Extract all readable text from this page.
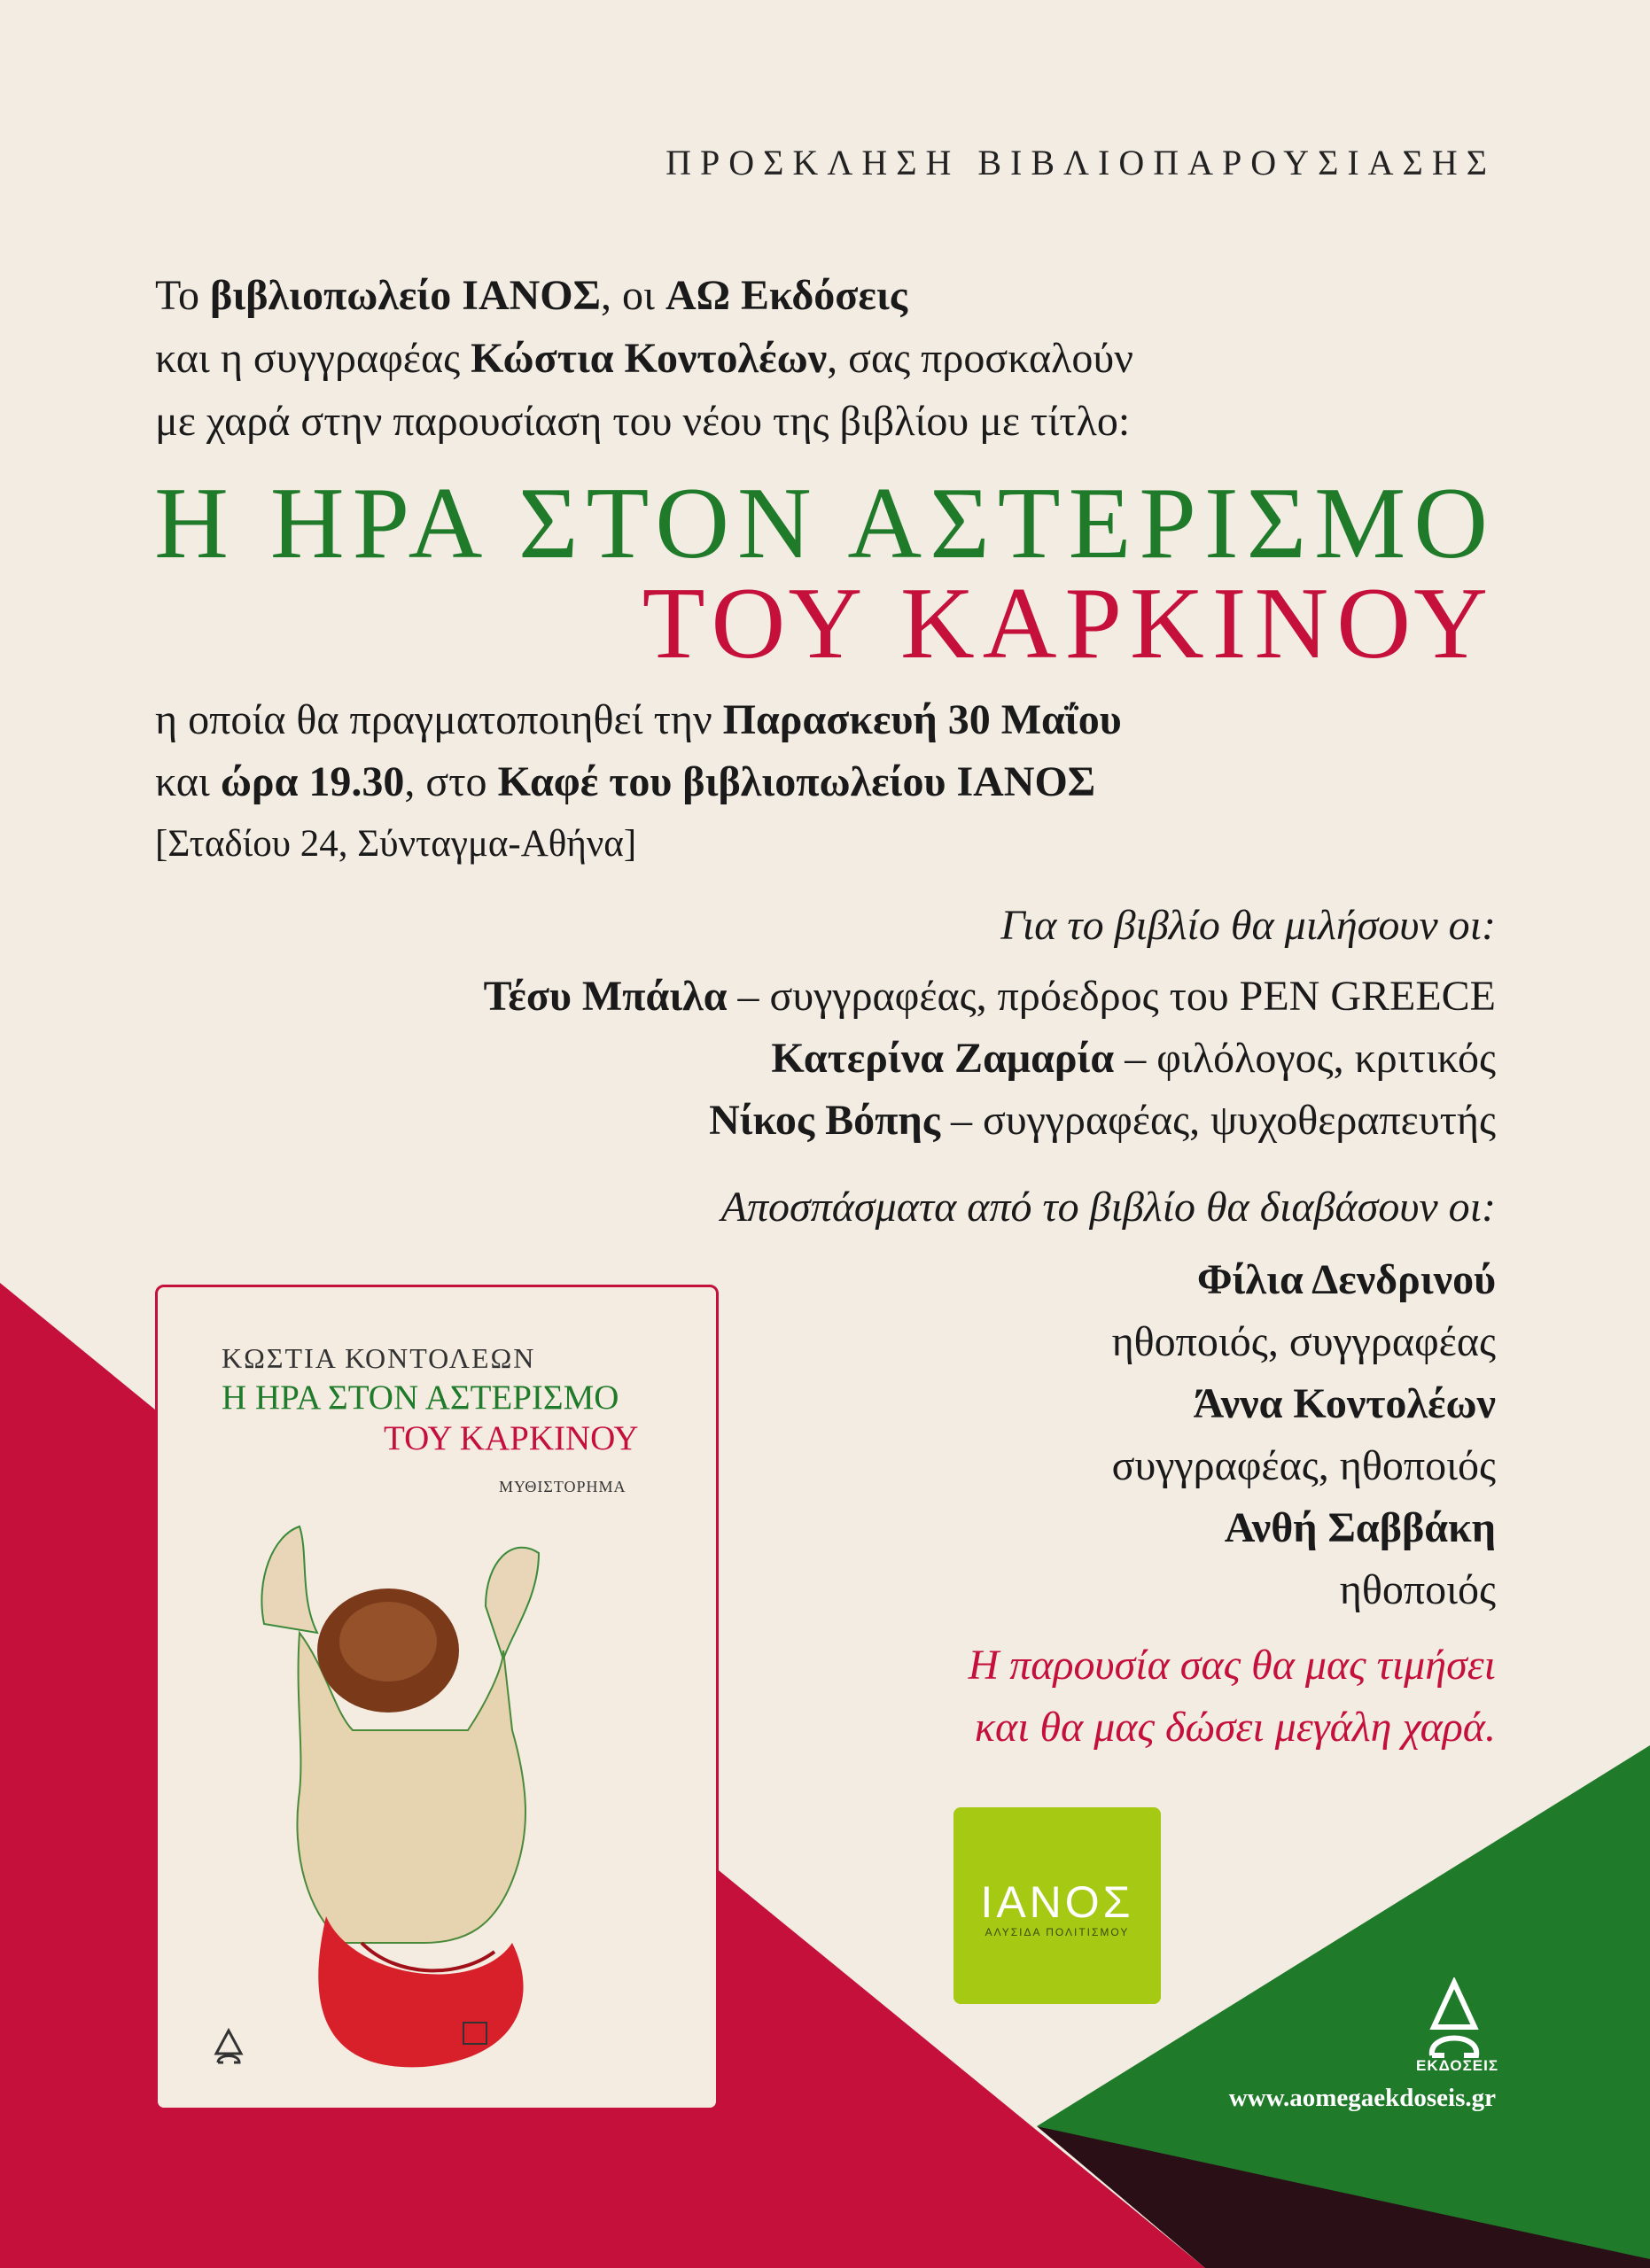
ΠΡΟΣΚΛΗΣΗ ΒΙΒΛΙΟΠΑΡΟΥΣΙΑΣΗΣ
Το βιβλιοπωλείο ΙΑΝΟΣ, οι ΑΩ Εκδόσεις
και η συγγραφέας Κώστια Κοντολέων, σας προσκαλούν
με χαρά στην παρουσίαση του νέου της βιβλίου με τίτλο:
Η ΗΡΑ ΣΤΟΝ ΑΣΤΕΡΙΣΜΟ
ΤΟΥ ΚΑΡΚΙΝΟΥ
η οποία θα πραγματοποιηθεί την Παρασκευή 30 Μαΐου
και ώρα 19.30, στο Καφέ του βιβλιοπωλείου ΙΑΝΟΣ
[Σταδίου 24, Σύνταγμα-Αθήνα]
Για το βιβλίο θα μιλήσουν οι:
Τέσυ Μπάιλα – συγγραφέας, πρόεδρος του PEN GREECE
Κατερίνα Ζαμαρία – φιλόλογος, κριτικός
Νίκος Βόπης – συγγραφέας, ψυχοθεραπευτής
Αποσπάσματα από το βιβλίο θα διαβάσουν οι:
Φίλια Δενδρινού
ηθοποιός, συγγραφέας
Άννα Κοντολέων
συγγραφέας, ηθοποιός
Ανθή Σαββάκη
ηθοποιός
Η παρουσία σας θα μας τιμήσει
και θα μας δώσει μεγάλη χαρά.
ΚΩΣΤΙΑ ΚΟΝΤΟΛΕΩΝ
Η ΗΡΑ ΣΤΟΝ ΑΣΤΕΡΙΣΜΟ
ΤΟΥ ΚΑΡΚΙΝΟΥ
ΜΥΘΙΣΤΟΡΗΜΑ
ΙΑΝΟΣ
ΑΛΥΣΙΔΑ ΠΟΛΙΤΙΣΜΟΥ
ΕΚΔΟΣΕΙΣ
www.aomegaekdoseis.gr
